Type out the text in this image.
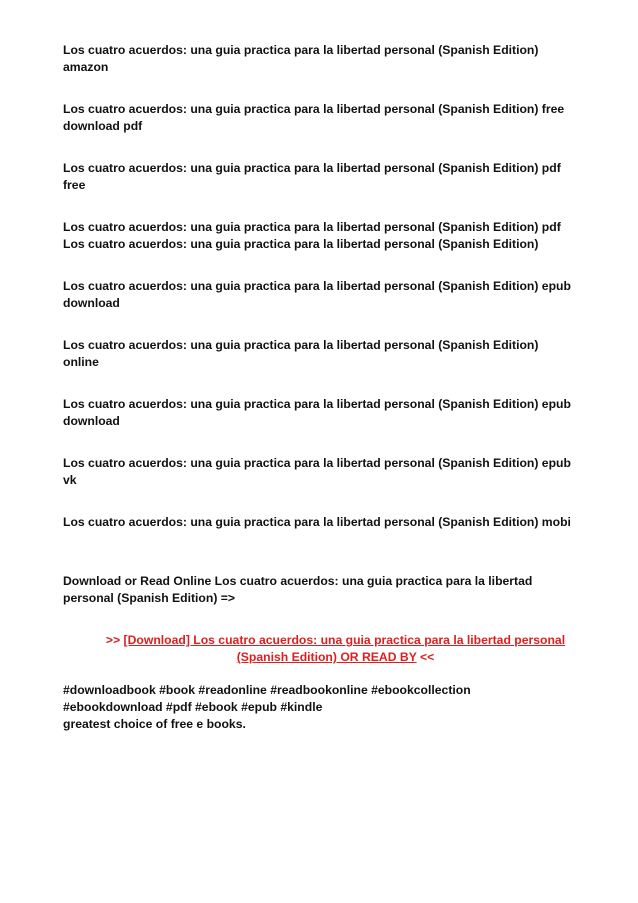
Los cuatro acuerdos: una guia practica para la libertad personal (Spanish Edition)
amazon

Los cuatro acuerdos: una guia practica para la libertad personal (Spanish Edition) free
download pdf

Los cuatro acuerdos: una guia practica para la libertad personal (Spanish Edition) pdf
free

Los cuatro acuerdos: una guia practica para la libertad personal (Spanish Edition) pdf
Los cuatro acuerdos: una guia practica para la libertad personal (Spanish Edition)

Los cuatro acuerdos: una guia practica para la libertad personal (Spanish Edition) epub
download

Los cuatro acuerdos: una guia practica para la libertad personal (Spanish Edition)
online

Los cuatro acuerdos: una guia practica para la libertad personal (Spanish Edition) epub
download

Los cuatro acuerdos: una guia practica para la libertad personal (Spanish Edition) epub
vk

Los cuatro acuerdos: una guia practica para la libertad personal (Spanish Edition) mobi

Download or Read Online Los cuatro acuerdos: una guia practica para la libertad
personal (Spanish Edition) =>

>> [Download] Los cuatro acuerdos: una guia practica para la libertad personal
(Spanish Edition) OR READ BY <<

#downloadbook #book #readonline #readbookonline #ebookcollection
#ebookdownload #pdf #ebook #epub #kindle
greatest choice of free e books.
